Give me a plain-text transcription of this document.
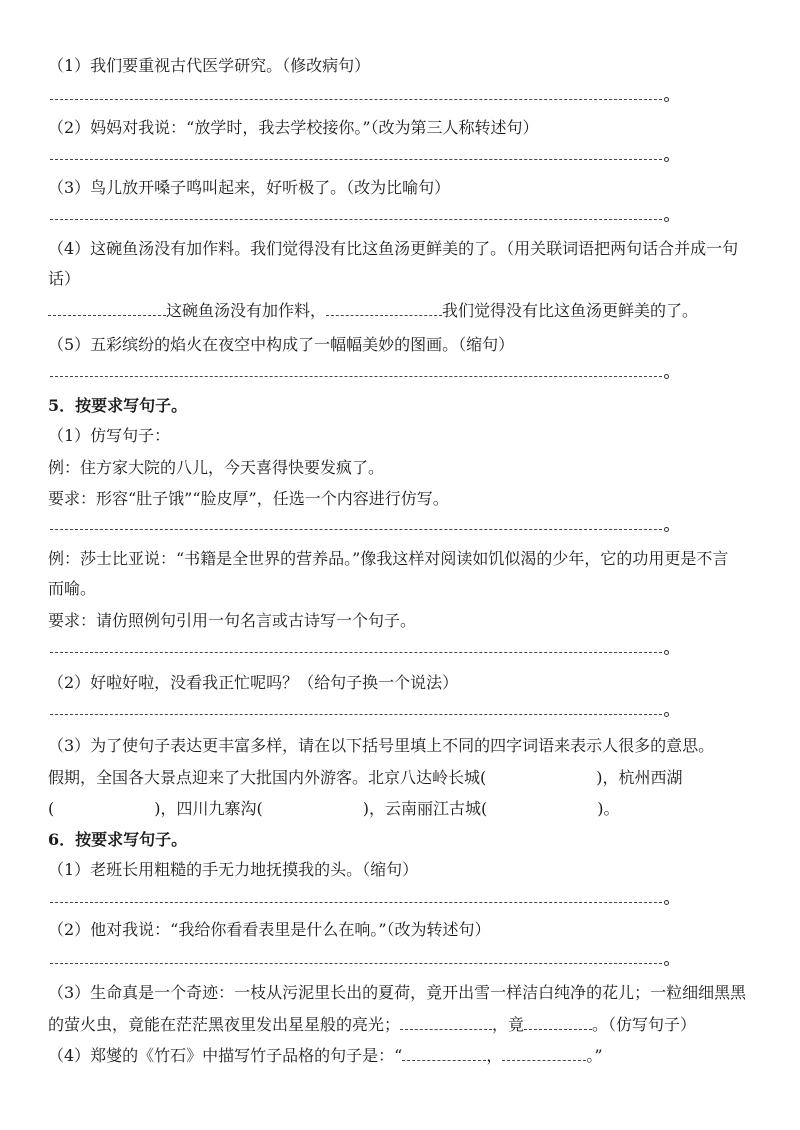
（1）我们要重视古代医学研究。（修改病句）
（2）妈妈对我说：“放学时，我去学校接你。”（改为第三人称转述句）
（3）鸟儿放开嗓子鸣叫起来，好听极了。（改为比喻句）
（4）这碗鱼汤没有加作料。我们觉得没有比这鱼汤更鲜美的了。（用关联词语把两句话合并成一句
话）
这碗鱼汤没有加作料，	我们觉得没有比这鱼汤更鲜美的了。
（5）五彩缤纷的焰火在夜空中构成了一幅幅美妙的图画。（缩句）
5．按要求写句子。
（1）仿写句子：
例：住方家大院的八儿，今天喜得快要发疯了。
要求：形容“肚子饿”“脸皮厚”，任选一个内容进行仿写。
例：莎士比亚说：“书籍是全世界的营养品。”像我这样对阅读如饥似渴的少年，它的功用更是不言
而喻。
要求：请仿照例句引用一句名言或古诗写一个句子。
（2）好啦好啦，没看我正忙呢吗？（给句子换一个说法）
（3）为了使句子表达更丰富多样，请在以下括号里填上不同的四字词语来表示人很多的意思。
假期，全国各大景点迎来了大批国内外游客。北京八达岭长城(	)，杭州西湖
(	)，四川九寨沟(	)，云南丽江古城(	)。
6．按要求写句子。
（1）老班长用粗糙的手无力地抚摸我的头。（缩句）
（2）他对我说：“我给你看看表里是什么在响。”（改为转述句）
（3）生命真是一个奇迹：一枝从污泥里长出的夏荷，竟开出雪一样洁白纯净的花儿；一粒细细黑黑
的萤火虫，竟能在茫茫黑夜里发出星星般的亮光；	，竟	。（仿写句子）
（4）郑燮的《竹石》中描写竹子品格的句子是：“	，	。”
